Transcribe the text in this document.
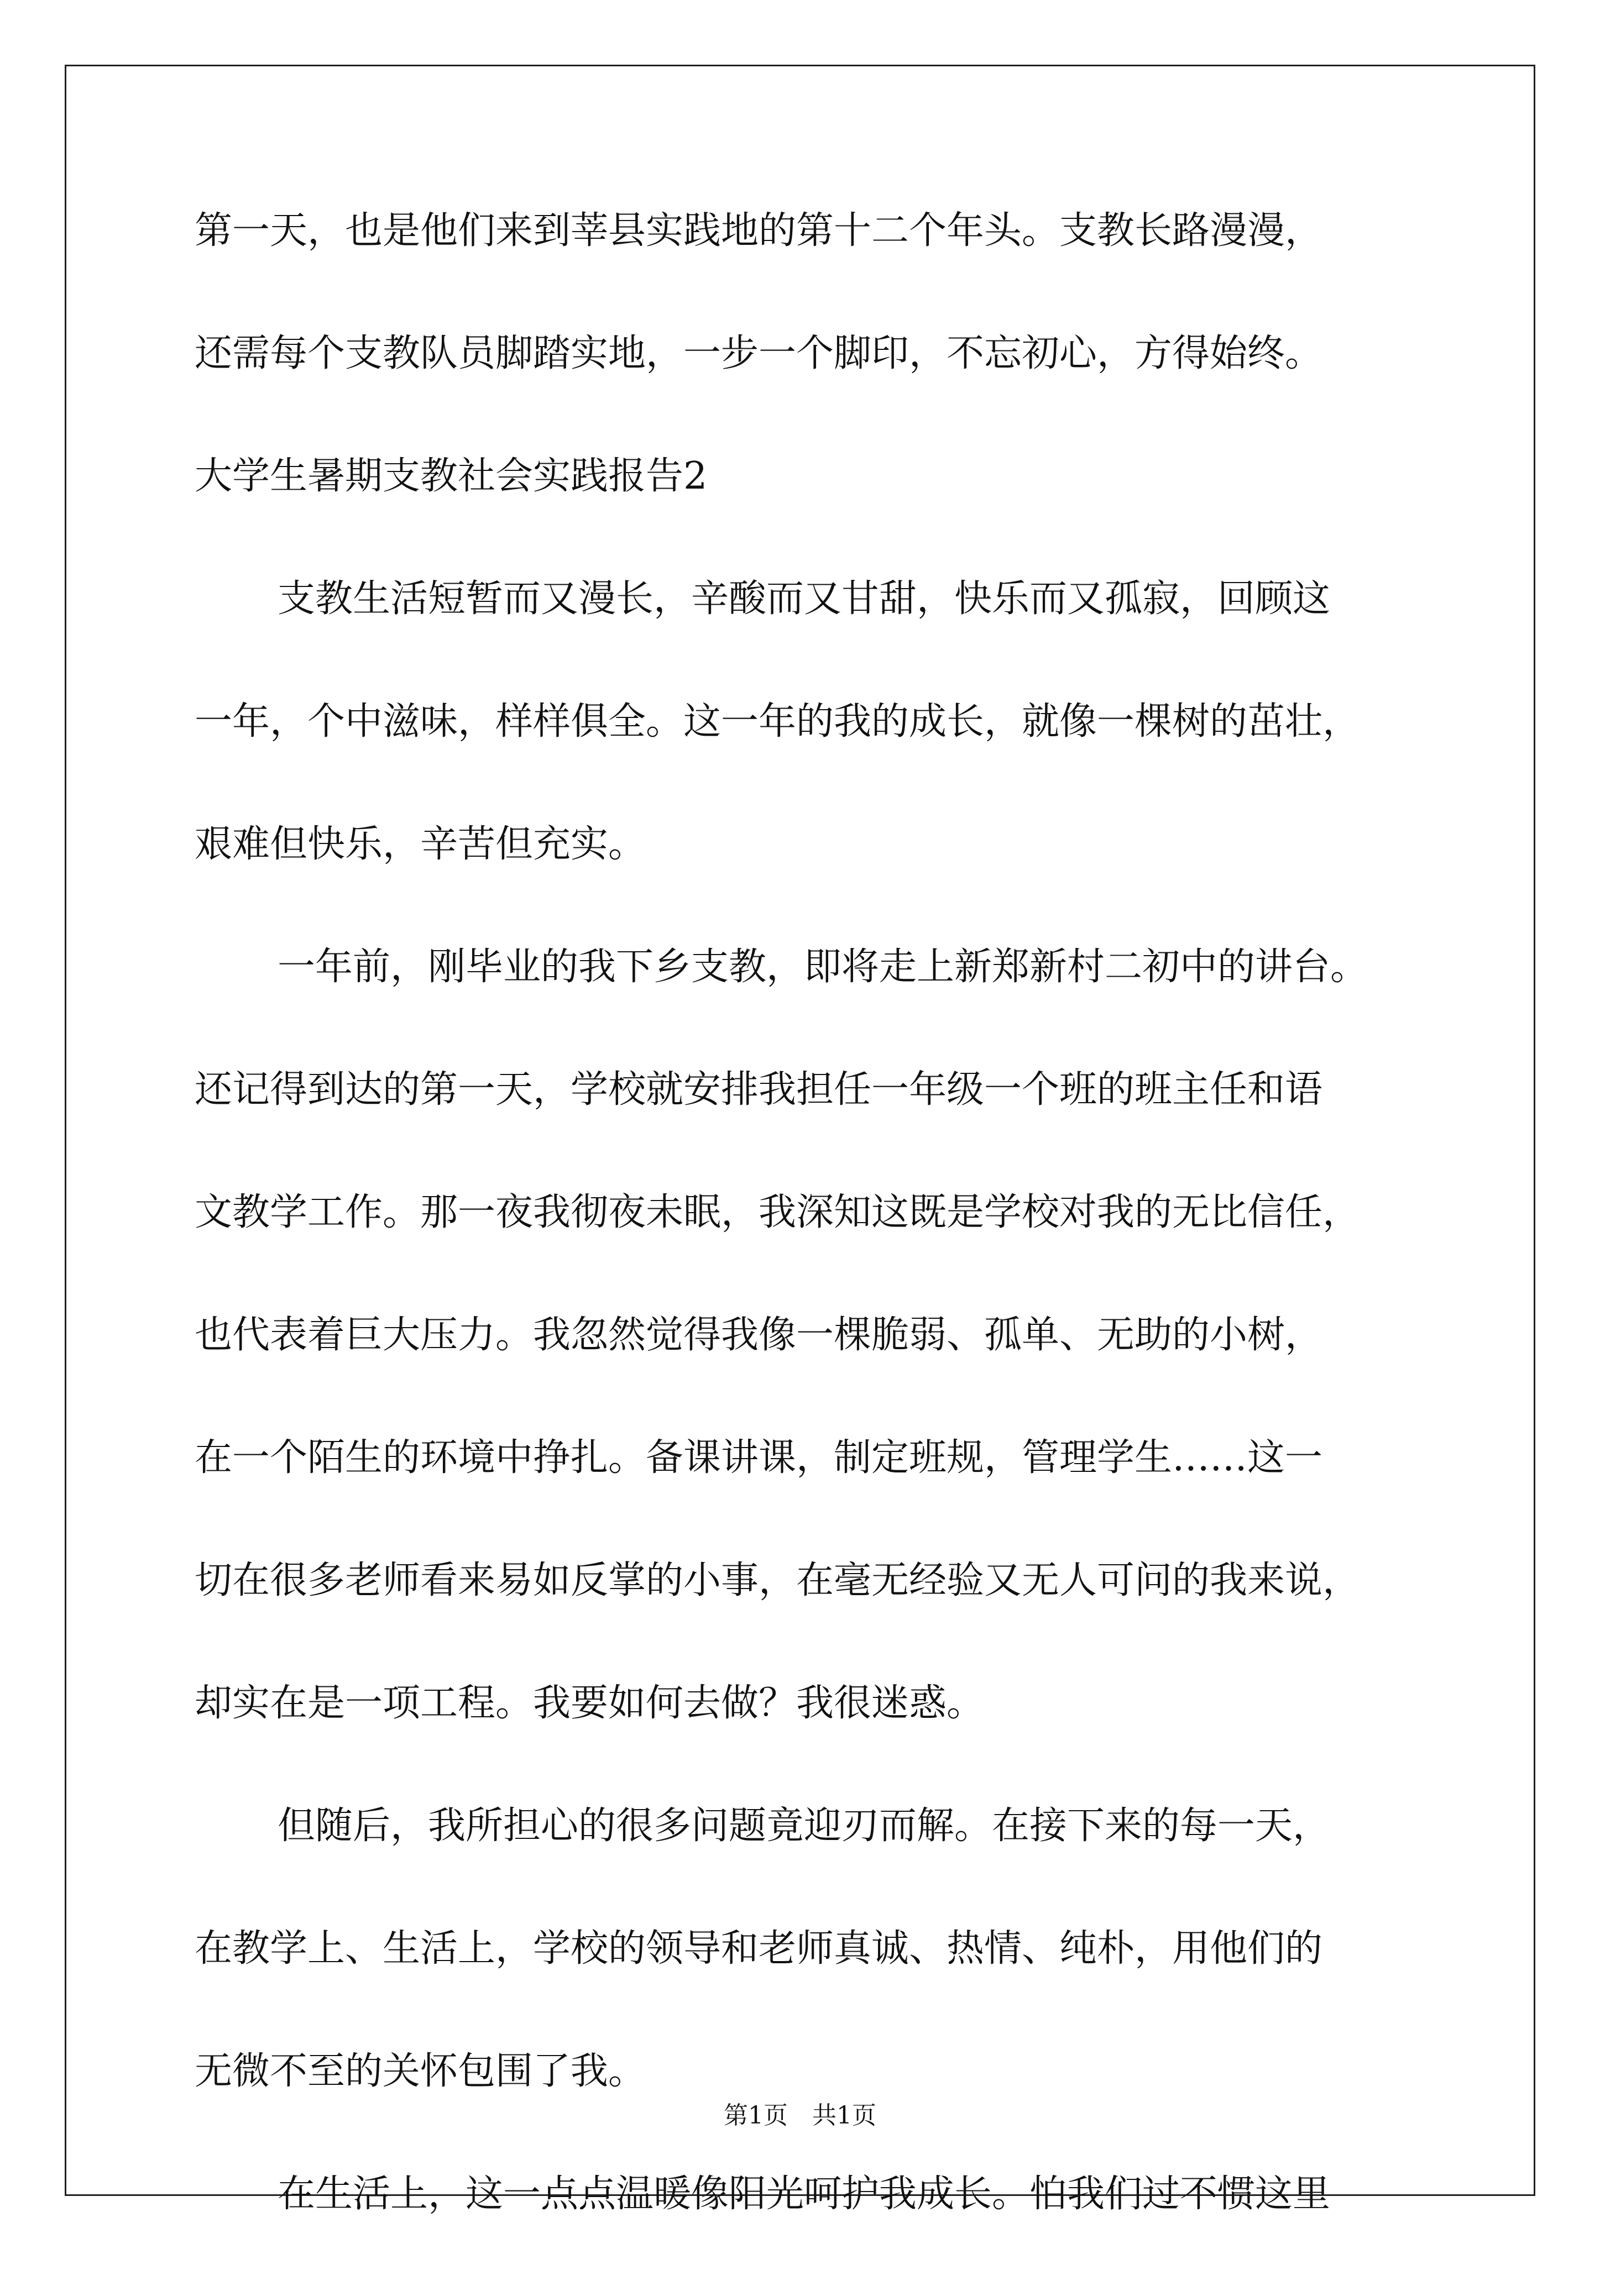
第一天，也是他们来到莘县实践地的第十二个年头。支教长路漫漫，
还需每个支教队员脚踏实地，一步一个脚印，不忘初心，方得始终。
大学生暑期支教社会实践报告2
支教生活短暂而又漫长，辛酸而又甘甜，快乐而又孤寂，回顾这
一年，个中滋味，样样俱全。这一年的我的成长，就像一棵树的茁壮，
艰难但快乐，辛苦但充实。
一年前，刚毕业的我下乡支教，即将走上新郑新村二初中的讲台。
还记得到达的第一天，学校就安排我担任一年级一个班的班主任和语
文教学工作。那一夜我彻夜未眠，我深知这既是学校对我的无比信任，
也代表着巨大压力。我忽然觉得我像一棵脆弱、孤单、无助的小树，
在一个陌生的环境中挣扎。备课讲课，制定班规，管理学生……这一
切在很多老师看来易如反掌的小事，在毫无经验又无人可问的我来说，
却实在是一项工程。我要如何去做？我很迷惑。
但随后，我所担心的很多问题竟迎刃而解。在接下来的每一天，
在教学上、生活上，学校的领导和老师真诚、热情、纯朴，用他们的
无微不至的关怀包围了我。
在生活上，这一点点温暖像阳光呵护我成长。怕我们过不惯这里
第1页　共1页
